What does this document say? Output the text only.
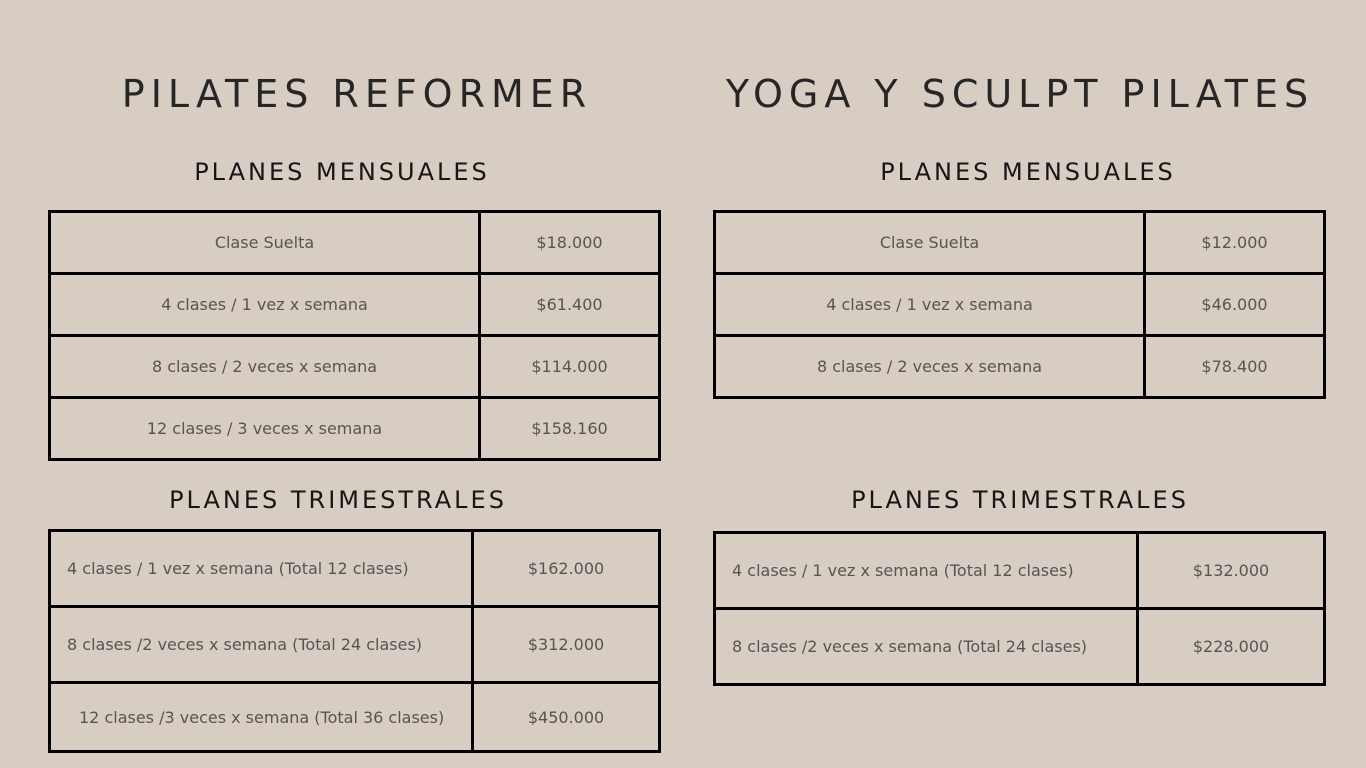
PILATES REFORMER
PLANES MENSUALES
Clase Suelta	$18.000
4 clases / 1 vez x semana	$61.400
8 clases / 2 veces x semana	$114.000
12 clases / 3 veces x semana	$158.160
PLANES TRIMESTRALES
4 clases / 1 vez x semana (Total 12 clases)	$162.000
8 clases /2 veces x semana (Total 24 clases)	$312.000
12 clases /3 veces x semana (Total 36 clases)	$450.000
YOGA Y SCULPT PILATES
PLANES MENSUALES
Clase Suelta	$12.000
4 clases / 1 vez x semana	$46.000
8 clases / 2 veces x semana	$78.400
PLANES TRIMESTRALES
4 clases / 1 vez x semana (Total 12 clases)	$132.000
8 clases /2 veces x semana (Total 24 clases)	$228.000
